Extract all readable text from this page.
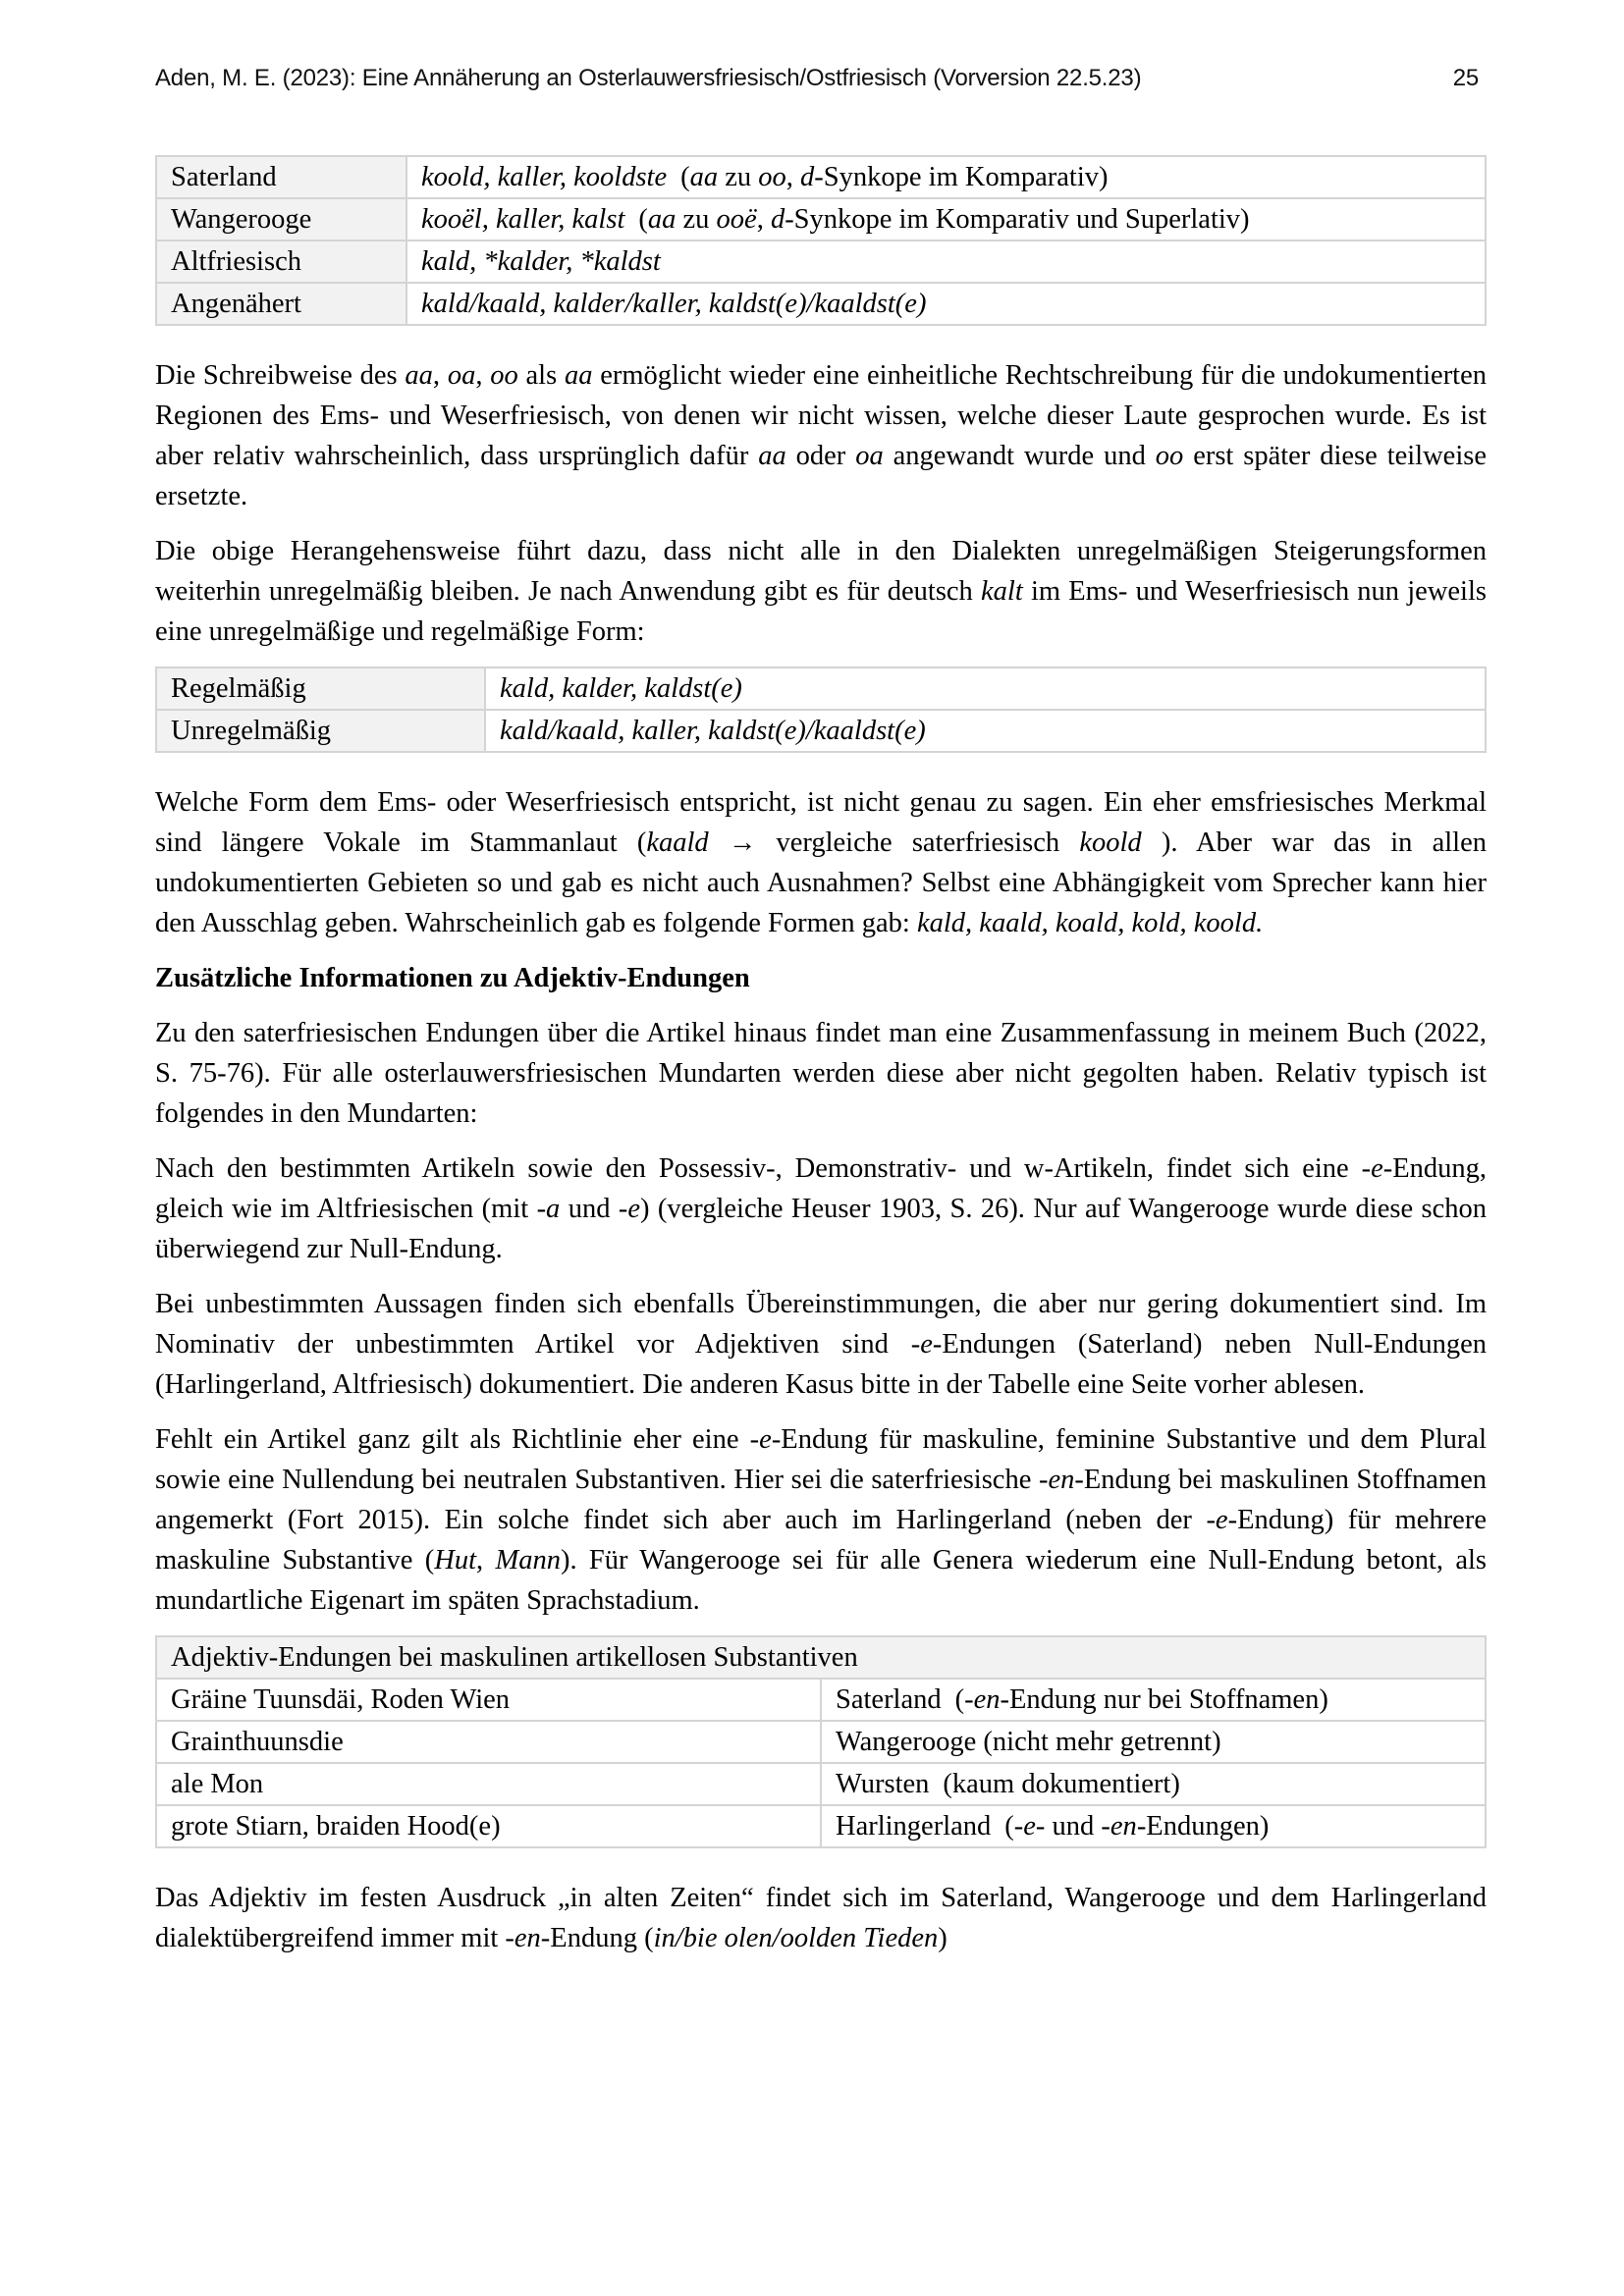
Aden, M. E. (2023): Eine Annäherung an Osterlauwersfriesisch/Ostfriesisch (Vorversion 22.5.23)	25
Saterland	koold, kaller, kooldste (aa zu oo, d-Synkope im Komparativ)
Wangerooge	kooël, kaller, kalst (aa zu ooë, d-Synkope im Komparativ und Superlativ)
Altfriesisch	kald, *kalder, *kaldst
Angenähert	kald/kaald, kalder/kaller, kaldst(e)/kaaldst(e)

Die Schreibweise des aa, oa, oo als aa ermöglicht wieder eine einheitliche Rechtschreibung für die undokumentierten Regionen des Ems- und Weserfriesisch, von denen wir nicht wissen, welche dieser Laute gesprochen wurde. Es ist aber relativ wahrscheinlich, dass ursprünglich dafür aa oder oa angewandt wurde und oo erst später diese teilweise ersetzte.

Die obige Herangehensweise führt dazu, dass nicht alle in den Dialekten unregelmäßigen Steigerungsformen weiterhin unregelmäßig bleiben. Je nach Anwendung gibt es für deutsch kalt im Ems- und Weserfriesisch nun jeweils eine unregelmäßige und regelmäßige Form:

Regelmäßig	kald, kalder, kaldst(e)
Unregelmäßig	kald/kaald, kaller, kaldst(e)/kaaldst(e)

Welche Form dem Ems- oder Weserfriesisch entspricht, ist nicht genau zu sagen. Ein eher emsfriesisches Merkmal sind längere Vokale im Stammanlaut (kaald → vergleiche saterfriesisch koold ). Aber war das in allen undokumentierten Gebieten so und gab es nicht auch Ausnahmen? Selbst eine Abhängigkeit vom Sprecher kann hier den Ausschlag geben. Wahrscheinlich gab es folgende Formen gab: kald, kaald, koald, kold, koold.

Zusätzliche Informationen zu Adjektiv-Endungen

Zu den saterfriesischen Endungen über die Artikel hinaus findet man eine Zusammenfassung in meinem Buch (2022, S. 75-76). Für alle osterlauwersfriesischen Mundarten werden diese aber nicht gegolten haben. Relativ typisch ist folgendes in den Mundarten:

Nach den bestimmten Artikeln sowie den Possessiv-, Demonstrativ- und w-Artikeln, findet sich eine -e-Endung, gleich wie im Altfriesischen (mit -a und -e) (vergleiche Heuser 1903, S. 26). Nur auf Wangerooge wurde diese schon überwiegend zur Null-Endung.

Bei unbestimmten Aussagen finden sich ebenfalls Übereinstimmungen, die aber nur gering dokumentiert sind. Im Nominativ der unbestimmten Artikel vor Adjektiven sind -e-Endungen (Saterland) neben Null-Endungen (Harlingerland, Altfriesisch) dokumentiert. Die anderen Kasus bitte in der Tabelle eine Seite vorher ablesen.

Fehlt ein Artikel ganz gilt als Richtlinie eher eine -e-Endung für maskuline, feminine Substantive und dem Plural sowie eine Nullendung bei neutralen Substantiven. Hier sei die saterfriesische -en-Endung bei maskulinen Stoffnamen angemerkt (Fort 2015). Ein solche findet sich aber auch im Harlingerland (neben der -e-Endung) für mehrere maskuline Substantive (Hut, Mann). Für Wangerooge sei für alle Genera wiederum eine Null-Endung betont, als mundartliche Eigenart im späten Sprachstadium.

Adjektiv-Endungen bei maskulinen artikellosen Substantiven	
Gräine Tuunsdäi, Roden Wien	Saterland (-en-Endung nur bei Stoffnamen)
Grainthuunsdie	Wangerooge (nicht mehr getrennt)
ale Mon	Wursten (kaum dokumentiert)
grote Stiarn, braiden Hood(e)	Harlingerland (-e- und -en-Endungen)

Das Adjektiv im festen Ausdruck „in alten Zeiten“ findet sich im Saterland, Wangerooge und dem Harlingerland dialektübergreifend immer mit -en-Endung (in/bie olen/oolden Tieden)
